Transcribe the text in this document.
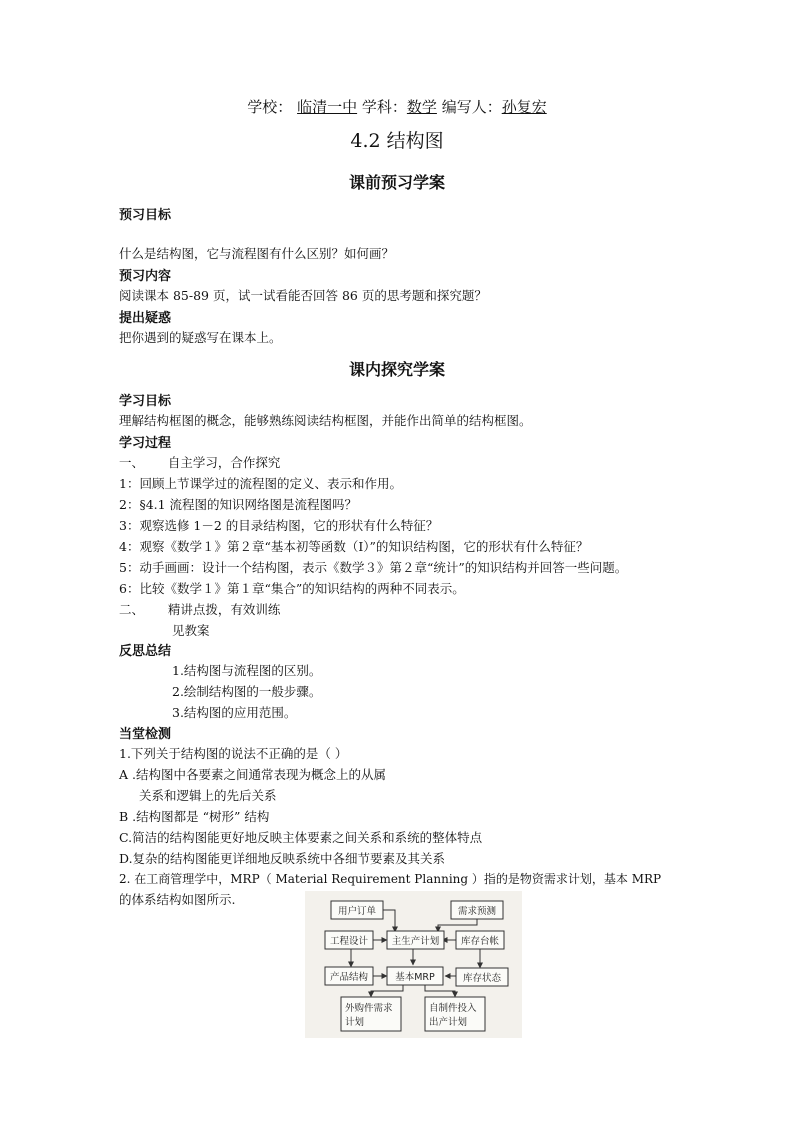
学校： 临清一中 学科：数学 编写人：孙复宏
4.2 结构图
课前预习学案
预习目标
什么是结构图，它与流程图有什么区别？如何画？
预习内容
阅读课本 85-89 页，试一试看能否回答 86 页的思考题和探究题？
提出疑惑
把你遇到的疑惑写在课本上。
课内探究学案
学习目标
理解结构框图的概念，能够熟练阅读结构框图，并能作出简单的结构框图。
学习过程
一、      自主学习，合作探究
1：回顾上节课学过的流程图的定义、表示和作用。
2：§4.1 流程图的知识网络图是流程图吗？
3：观察选修 1－2 的目录结构图，它的形状有什么特征？
4：观察《数学１》第２章“基本初等函数（I）”的知识结构图，它的形状有什么特征？
5：动手画画：设计一个结构图，表示《数学３》第２章“统计”的知识结构并回答一些问题。
6：比较《数学１》第１章“集合”的知识结构的两种不同表示。
二、      精讲点拨，有效训练
见教案
反思总结
1.结构图与流程图的区别。
2.绘制结构图的一般步骤。
3.结构图的应用范围。
当堂检测
1.下列关于结构图的说法不正确的是（ ）
A .结构图中各要素之间通常表现为概念上的从属
关系和逻辑上的先后关系
B .结构图都是 “树形” 结构
C.简洁的结构图能更好地反映主体要素之间关系和系统的整体特点
D.复杂的结构图能更详细地反映系统中各细节要素及其关系
2. 在工商管理学中，MRP（ Material Requirement Planning ）指的是物资需求计划，基本 MRP
的体系结构如图所示.
用户订单	需求预测
工程设计 主生产计划 库存台帐
产品结构	基本MRP	库存状态
外购件需求
计划
自制件投入
出产计划
